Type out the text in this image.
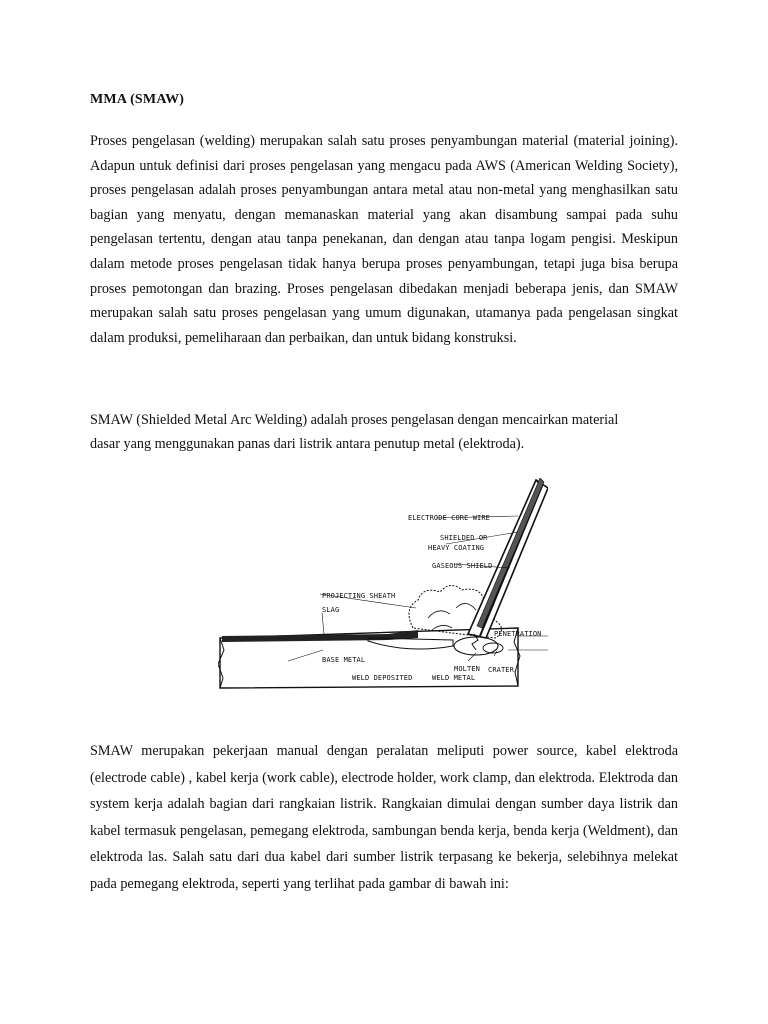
MMA (SMAW)

Proses pengelasan (welding) merupakan salah satu proses penyambungan material (material joining). Adapun untuk definisi dari proses pengelasan yang mengacu pada AWS (American Welding Society), proses pengelasan adalah proses penyambungan antara metal atau non-metal yang menghasilkan satu bagian yang menyatu, dengan memanaskan material yang akan disambung sampai pada suhu pengelasan tertentu, dengan atau tanpa penekanan, dan dengan atau tanpa logam pengisi. Meskipun dalam metode proses pengelasan tidak hanya berupa proses penyambungan, tetapi juga bisa berupa proses pemotongan dan brazing. Proses pengelasan dibedakan menjadi beberapa jenis, dan SMAW merupakan salah satu proses pengelasan yang umum digunakan, utamanya pada pengelasan singkat dalam produksi, pemeliharaan dan perbaikan, dan untuk bidang konstruksi.

SMAW (Shielded Metal Arc Welding) adalah proses pengelasan dengan mencairkan material
dasar yang menggunakan panas dari listrik antara penutup metal (elektroda).

ELECTRODE CORE WIRE
SHIELDED OR
HEAVY COATING
GASEOUS SHIELD
PROJECTING SHEATH
SLAG
PENETRATION
BASE METAL
WELD DEPOSITED
MOLTEN
WELD METAL
CRATER

SMAW merupakan pekerjaan manual dengan peralatan meliputi power source, kabel elektroda (electrode cable) , kabel kerja (work cable), electrode holder, work clamp, dan elektroda. Elektroda dan system kerja adalah bagian dari rangkaian listrik. Rangkaian dimulai dengan sumber daya listrik dan kabel termasuk pengelasan, pemegang elektroda, sambungan benda kerja, benda kerja (Weldment), dan elektroda las. Salah satu dari dua kabel dari sumber listrik terpasang ke bekerja, selebihnya melekat pada pemegang elektroda, seperti yang terlihat pada gambar di bawah ini:
